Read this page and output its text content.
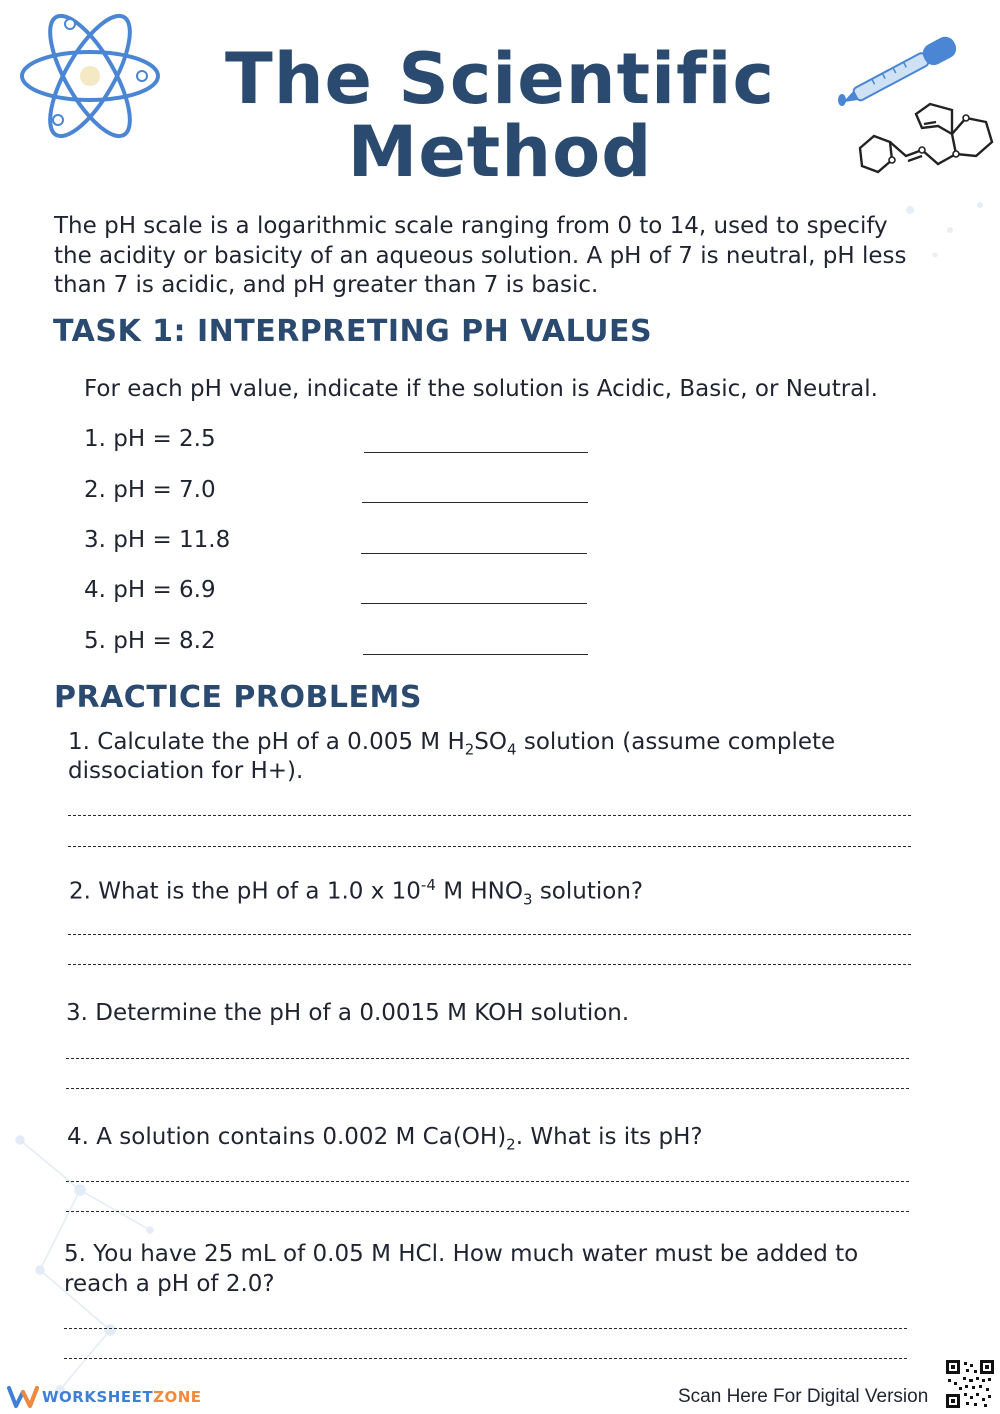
The Scientific
Method
The pH scale is a logarithmic scale ranging from 0 to 14, used to specify the acidity or basicity of an aqueous solution. A pH of 7 is neutral, pH less than 7 is acidic, and pH greater than 7 is basic.
TASK 1: INTERPRETING PH VALUES
For each pH value, indicate if the solution is Acidic, Basic, or Neutral.
1. pH = 2.5
2. pH = 7.0
3. pH = 11.8
4. pH = 6.9
5. pH = 8.2
PRACTICE PROBLEMS
1. Calculate the pH of a 0.005 M $H_2SO_4$ solution (assume complete
dissociation for H+).
2. What is the pH of a 1.0 x $10^{-4}$ M $HNO_3$ solution?
3. Determine the pH of a 0.0015 M KOH solution.
4. A solution contains 0.002 M $Ca(OH)_2$. What is its pH?
5. You have 25 mL of 0.05 M HCl. How much water must be added to
reach a pH of 2.0?
WORKSHEETZONE	Scan Here For Digital Version
